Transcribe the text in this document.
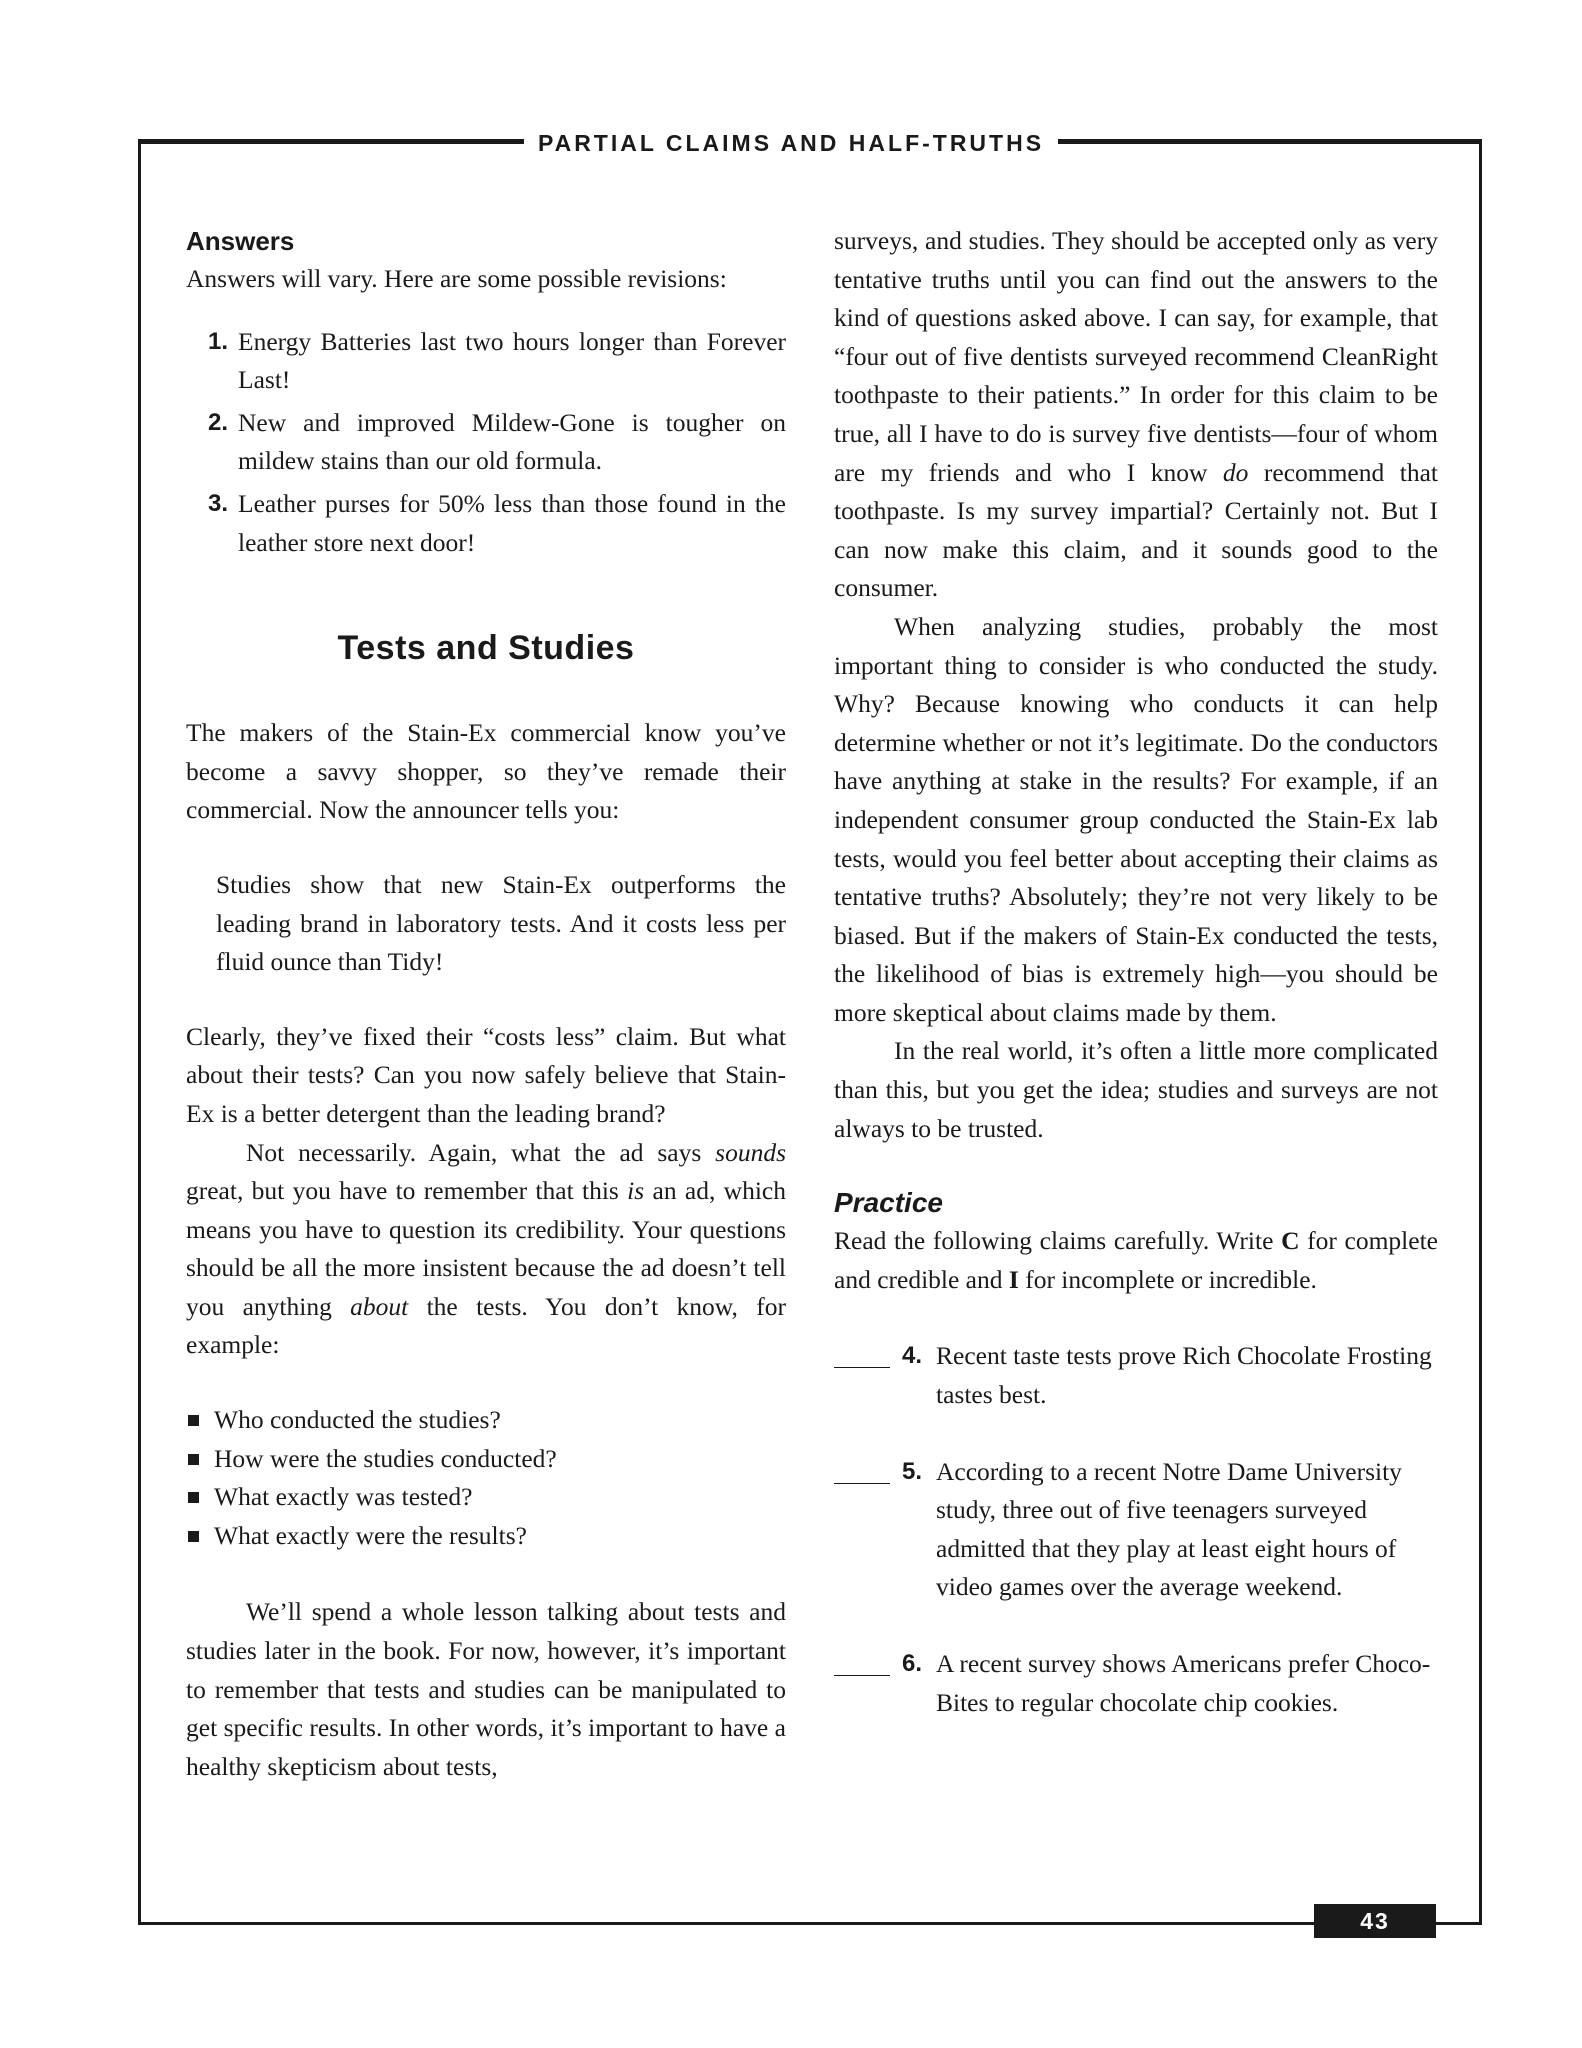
PARTIAL CLAIMS AND HALF-TRUTHS
Answers

Answers will vary. Here are some possible revisions:

1. Energy Batteries last two hours longer than Forever Last!
2. New and improved Mildew-Gone is tougher on mildew stains than our old formula.
3. Leather purses for 50% less than those found in the leather store next door!
Tests and Studies

The makers of the Stain-Ex commercial know you’ve become a savvy shopper, so they’ve remade their commercial. Now the announcer tells you:

Studies show that new Stain-Ex outperforms the leading brand in laboratory tests. And it costs less per fluid ounce than Tidy!

Clearly, they’ve fixed their “costs less” claim. But what about their tests? Can you now safely believe that Stain-Ex is a better detergent than the leading brand?

Not necessarily. Again, what the ad says sounds great, but you have to remember that this is an ad, which means you have to question its credibility. Your questions should be all the more insistent because the ad doesn’t tell you anything about the tests. You don’t know, for example:

Who conducted the studies?
How were the studies conducted?
What exactly was tested?
What exactly were the results?

We’ll spend a whole lesson talking about tests and studies later in the book. For now, however, it’s important to remember that tests and studies can be manipulated to get specific results. In other words, it’s important to have a healthy skepticism about tests,

surveys, and studies. They should be accepted only as very tentative truths until you can find out the answers to the kind of questions asked above. I can say, for example, that “four out of five dentists surveyed recommend CleanRight toothpaste to their patients.” In order for this claim to be true, all I have to do is survey five dentists—four of whom are my friends and who I know do recommend that toothpaste. Is my survey impartial? Certainly not. But I can now make this claim, and it sounds good to the consumer.

When analyzing studies, probably the most important thing to consider is who conducted the study. Why? Because knowing who conducts it can help determine whether or not it’s legitimate. Do the conductors have anything at stake in the results? For example, if an independent consumer group conducted the Stain-Ex lab tests, would you feel better about accepting their claims as tentative truths? Absolutely; they’re not very likely to be biased. But if the makers of Stain-Ex conducted the tests, the likelihood of bias is extremely high—you should be more skeptical about claims made by them.

In the real world, it’s often a little more complicated than this, but you get the idea; studies and surveys are not always to be trusted.

Practice

Read the following claims carefully. Write C for complete and credible and I for incomplete or incredible.

4. Recent taste tests prove Rich Chocolate Frosting tastes best.
5. According to a recent Notre Dame University study, three out of five teenagers surveyed admitted that they play at least eight hours of video games over the average weekend.
6. A recent survey shows Americans prefer Choco-Bites to regular chocolate chip cookies.
43
